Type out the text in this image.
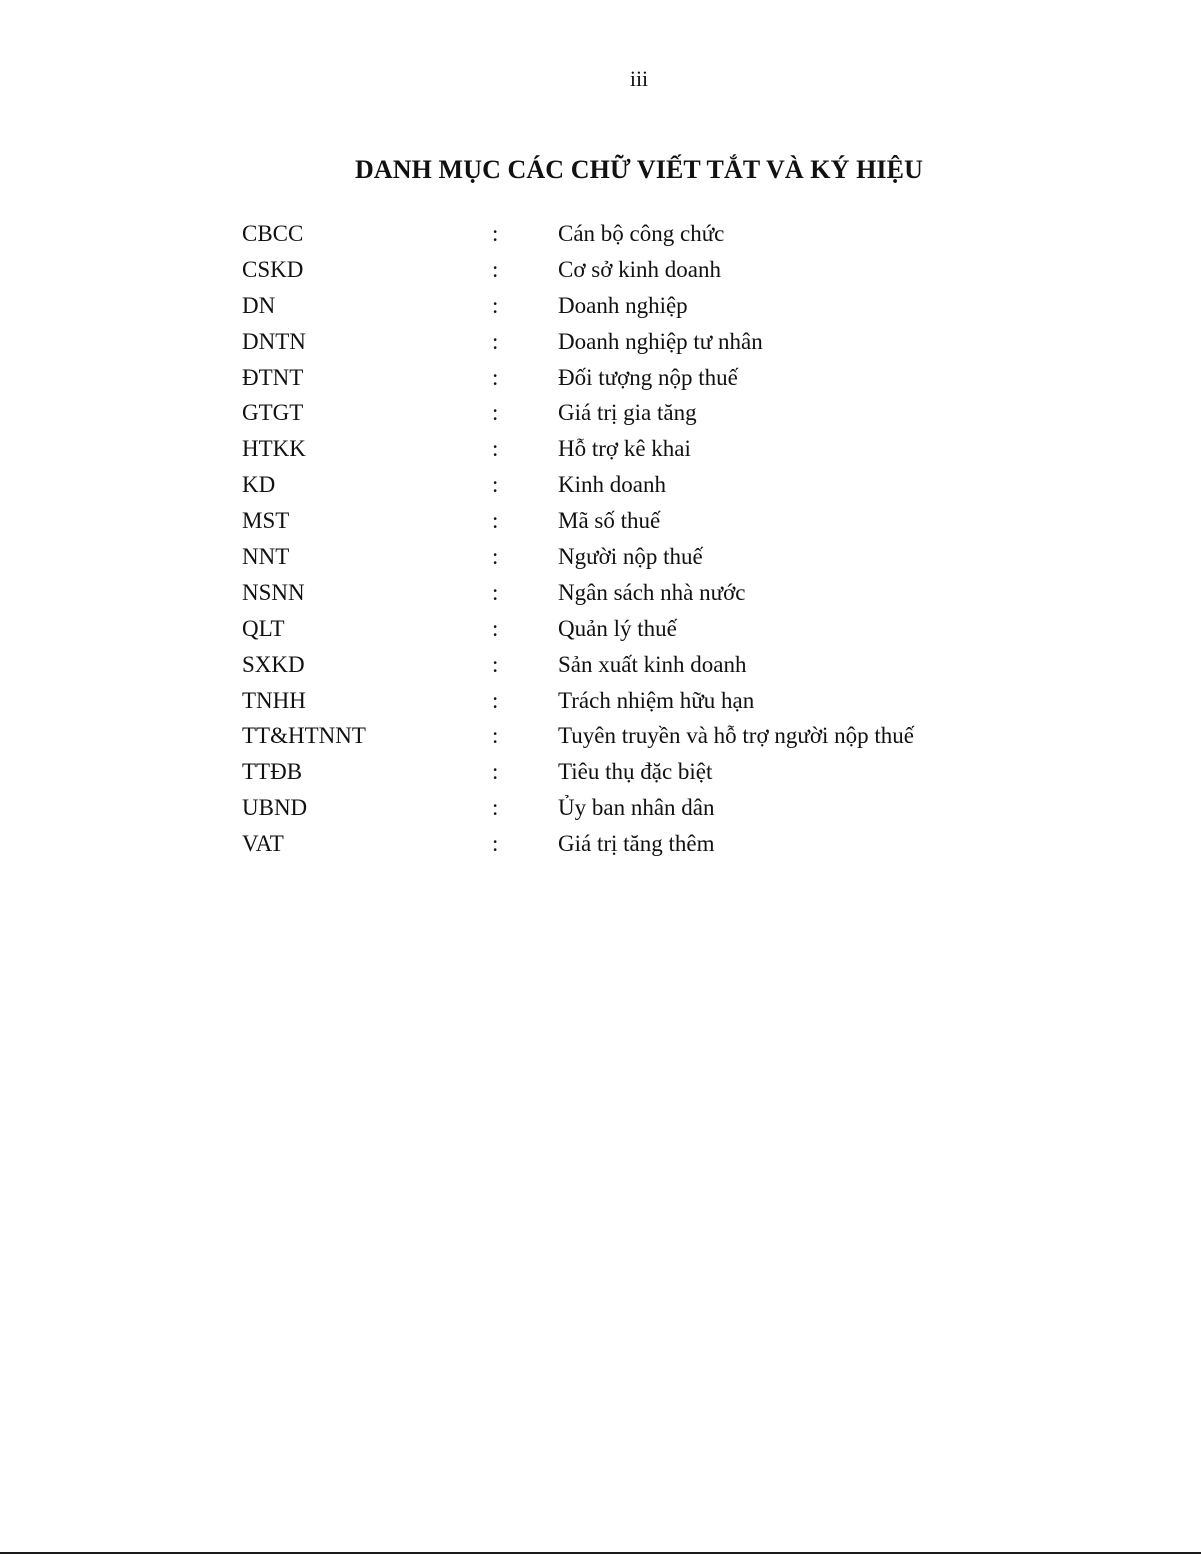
iii
DANH MỤC CÁC CHỮ VIẾT TẮT VÀ KÝ HIỆU
CBCC	:	Cán bộ công chức
CSKD	:	Cơ sở kinh doanh
DN	:	Doanh nghiệp
DNTN	:	Doanh nghiệp tư nhân
ĐTNT	:	Đối tượng nộp thuế
GTGT	:	Giá trị gia tăng
HTKK	:	Hỗ trợ kê khai
KD	:	Kinh doanh
MST	:	Mã số thuế
NNT	:	Người nộp thuế
NSNN	:	Ngân sách nhà nước
QLT	:	Quản lý thuế
SXKD	:	Sản xuất kinh doanh
TNHH	:	Trách nhiệm hữu hạn
TT&HTNNT	:	Tuyên truyền và hỗ trợ người nộp thuế
TTĐB	:	Tiêu thụ đặc biệt
UBND	:	Ủy ban nhân dân
VAT	:	Giá trị tăng thêm
